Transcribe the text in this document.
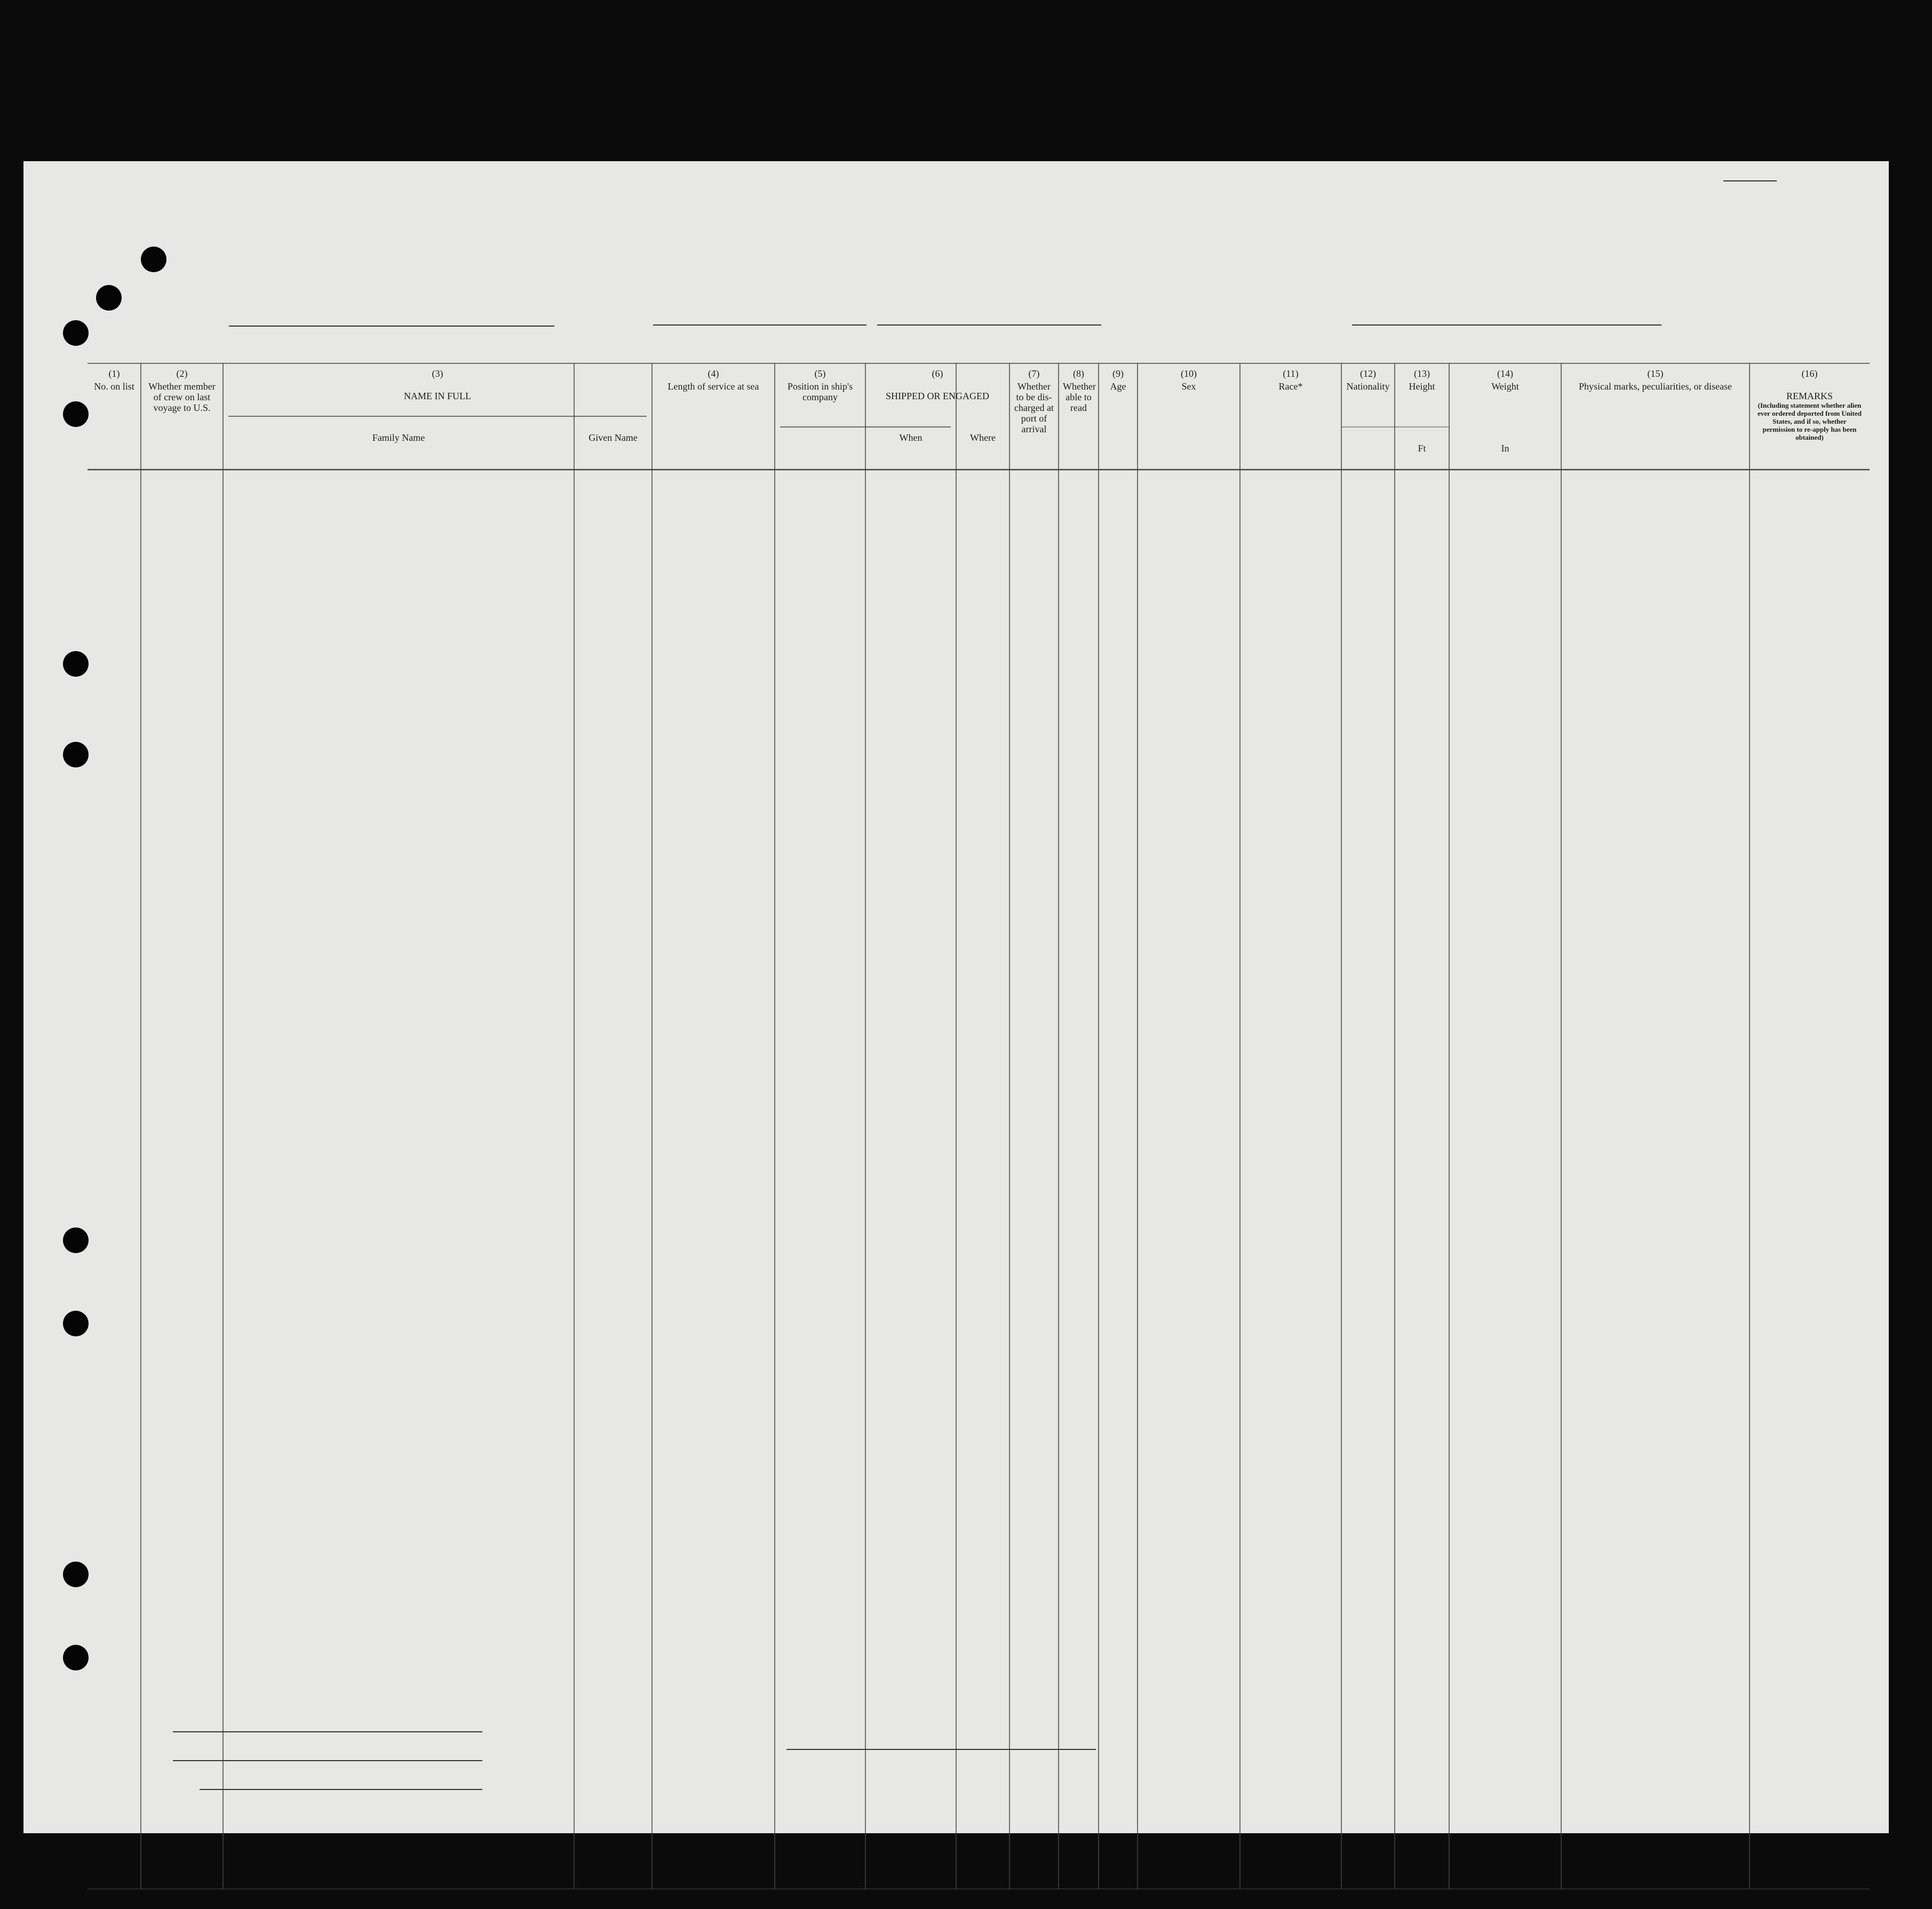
(1)
No. on list
(2)
Whether member of crew on last voyage to U.S.
(3)
NAME IN FULL
Family Name	Given Name
(4)
Length of service at sea
(5)
Position in ship's company
(6)
SHIPPED OR ENGAGED
When	Where
(7)
Whether to be dis-charged at port of arrival
(8)
Whether able to read
(9)
Age
(10)
Sex
(11)
Race*
(12)
Nationality
(13)
Height
Ft
(14)
Weight
In
(15)
Physical marks, peculiarities, or disease
(16)
REMARKS
(Including statement whether alien ever ordered deported from United States, and if so, whether permission to re-apply has been obtained)
